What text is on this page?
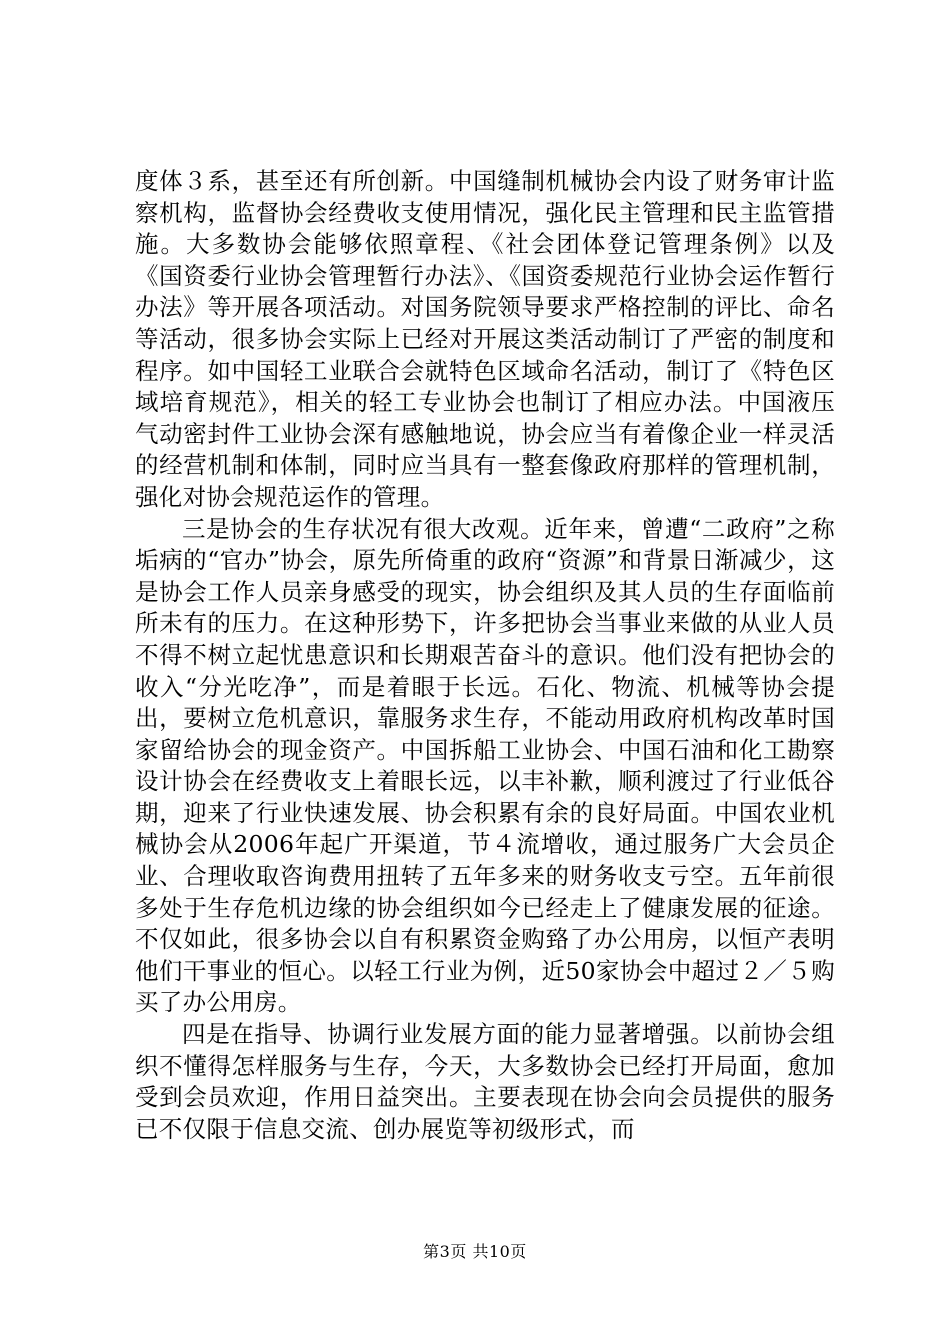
度体３系，甚至还有所创新。中国缝制机械协会内设了财务审计监察机构，监督协会经费收支使用情况，强化民主管理和民主监管措施。大多数协会能够依照章程、《社会团体登记管理条例》以及《国资委行业协会管理暂行办法》、《国资委规范行业协会运作暂行办法》等开展各项活动。对国务院领导要求严格控制的评比、命名等活动，很多协会实际上已经对开展这类活动制订了严密的制度和程序。如中国轻工业联合会就特色区域命名活动，制订了《特色区域培育规范》，相关的轻工专业协会也制订了相应办法。中国液压气动密封件工业协会深有感触地说，协会应当有着像企业一样灵活的经营机制和体制，同时应当具有一整套像政府那样的管理机制，强化对协会规范运作的管理。

三是协会的生存状况有很大改观。近年来，曾遭“二政府”之称垢病的“官办”协会，原先所倚重的政府“资源”和背景日渐减少，这是协会工作人员亲身感受的现实，协会组织及其人员的生存面临前所未有的压力。在这种形势下，许多把协会当事业来做的从业人员不得不树立起忧患意识和长期艰苦奋斗的意识。他们没有把协会的收入“分光吃净”，而是着眼于长远。石化、物流、机械等协会提出，要树立危机意识，靠服务求生存，不能动用政府机构改革时国家留给协会的现金资产。中国拆船工业协会、中国石油和化工勘察设计协会在经费收支上着眼长远，以丰补歉，顺利渡过了行业低谷期，迎来了行业快速发展、协会积累有余的良好局面。中国农业机械协会从2006年起广开渠道，节４流增收，通过服务广大会员企业、合理收取咨询费用扭转了五年多来的财务收支亏空。五年前很多处于生存危机边缘的协会组织如今已经走上了健康发展的征途。不仅如此，很多协会以自有积累资金购臵了办公用房，以恒产表明他们干事业的恒心。以轻工行业为例，近50家协会中超过２／５购买了办公用房。

四是在指导、协调行业发展方面的能力显著增强。以前协会组织不懂得怎样服务与生存，今天，大多数协会已经打开局面，愈加受到会员欢迎，作用日益突出。主要表现在协会向会员提供的服务已不仅限于信息交流、创办展览等初级形式，而

第3页 共10页
